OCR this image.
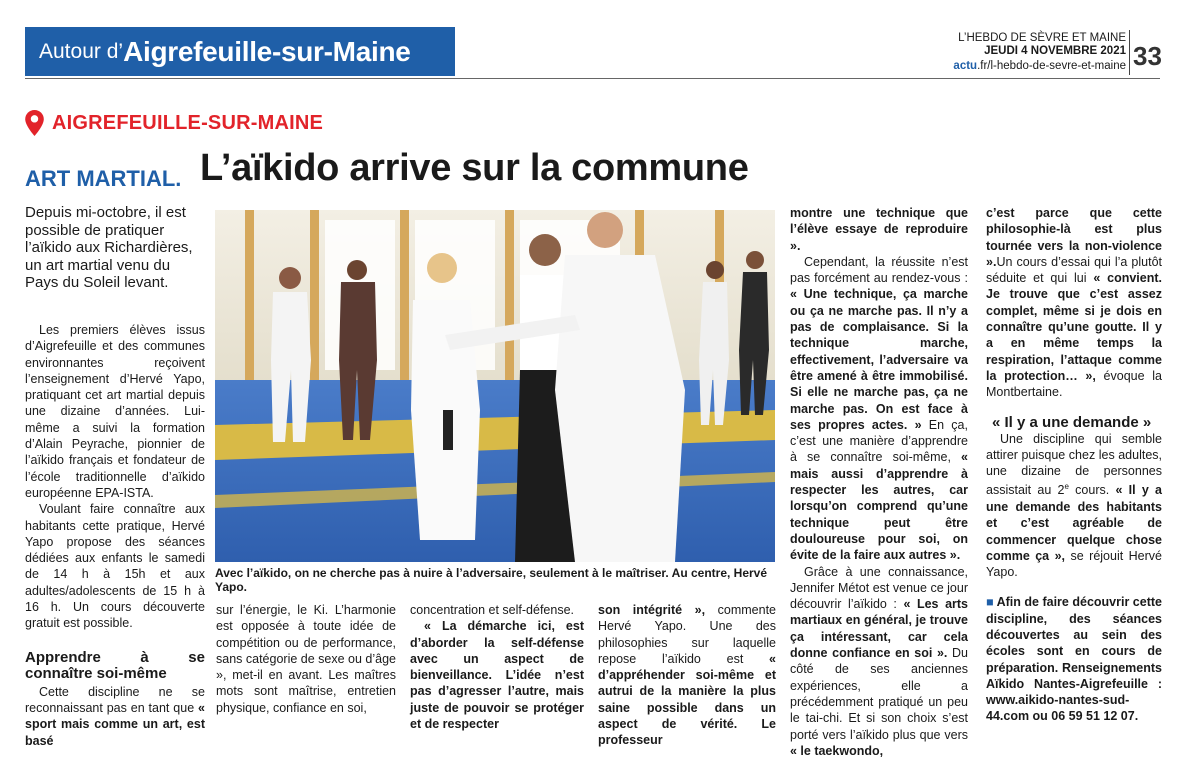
Autour d’ Aigrefeuille-sur-Maine	L’HEBDO DE SÈVRE ET MAINE
JEUDI 4 NOVEMBRE 2021
actu.fr/l-hebdo-de-sevre-et-maine 33
AIGREFEUILLE-SUR-MAINE
ART MARTIAL. L’aïkido arrive sur la commune
Depuis mi-octobre, il est possible de pratiquer l’aïkido aux Richardières, un art martial venu du Pays du Soleil levant.

Les premiers élèves issus d’Aigrefeuille et des communes environnantes reçoivent l’enseignement d’Hervé Yapo, pratiquant cet art martial depuis une dizaine d’années. Lui-même a suivi la formation d’Alain Peyrache, pionnier de l’aïkido français et fondateur de l’école traditionnelle d’aïkido européenne EPA-ISTA.

Voulant faire connaître aux habitants cette pratique, Hervé Yapo propose des séances dédiées aux enfants le samedi de 14 h à 15h et aux adultes/adolescents de 15 h à 16 h. Un cours découverte gratuit est possible.

Apprendre à se connaître soi-même

Cette discipline ne se reconnaissant pas en tant que « sport mais comme un art, est basé

Avec l’aïkido, on ne cherche pas à nuire à l’adversaire, seulement à le maîtriser. Au centre, Hervé Yapo.

sur l’énergie, le Ki. L’harmonie est opposée à toute idée de compétition ou de performance, sans catégorie de sexe ou d’âge », met-il en avant. Les maîtres mots sont maîtrise, entretien physique, confiance en soi,

concentration et self-défense.

« La démarche ici, est d’aborder la self-défense avec un aspect de bienveillance. L’idée n’est pas d’agresser l’autre, mais juste de pouvoir se protéger et de respecter

son intégrité », commente Hervé Yapo. Une des philosophies sur laquelle repose l’aïkido est « d’appréhender soi-même et autrui de la manière la plus saine possible dans un aspect de vérité. Le professeur

montre une technique que l’élève essaye de reproduire ».

Cependant, la réussite n’est pas forcément au rendez-vous : « Une technique, ça marche ou ça ne marche pas. Il n’y a pas de complaisance. Si la technique marche, effectivement, l’adversaire va être amené à être immobilisé. Si elle ne marche pas, ça ne marche pas. On est face à ses propres actes. » En ça, c’est une manière d’apprendre à se connaître soi-même, « mais aussi d’apprendre à respecter les autres, car lorsqu’on comprend qu’une technique peut être douloureuse pour soi, on évite de la faire aux autres ».

Grâce à une connaissance, Jennifer Métot est venue ce jour découvrir l’aïkido : « Les arts martiaux en général, je trouve ça intéressant, car cela donne confiance en soi ». Du côté de ses anciennes expériences, elle a précédemment pratiqué un peu le tai-chi. Et si son choix s’est porté vers l’aïkido plus que vers « le taekwondo,

c’est parce que cette philosophie-là est plus tournée vers la non-violence ».Un cours d’essai qui l’a plutôt séduite et qui lui « convient. Je trouve que c’est assez complet, même si je dois en connaître qu’une goutte. Il y a en même temps la respiration, l’attaque comme la protection… », évoque la Montbertaine.

« Il y a une demande »

Une discipline qui semble attirer puisque chez les adultes, une dizaine de personnes assistait au 2e cours. « Il y a une demande des habitants et c’est agréable de commencer quelque chose comme ça », se réjouit Hervé Yapo.

■ Afin de faire découvrir cette discipline, des séances découvertes au sein des écoles sont en cours de préparation. Renseignements Aïkido Nantes-Aigrefeuille : www.aikido-nantes-sud-44.com ou 06 59 51 12 07.
